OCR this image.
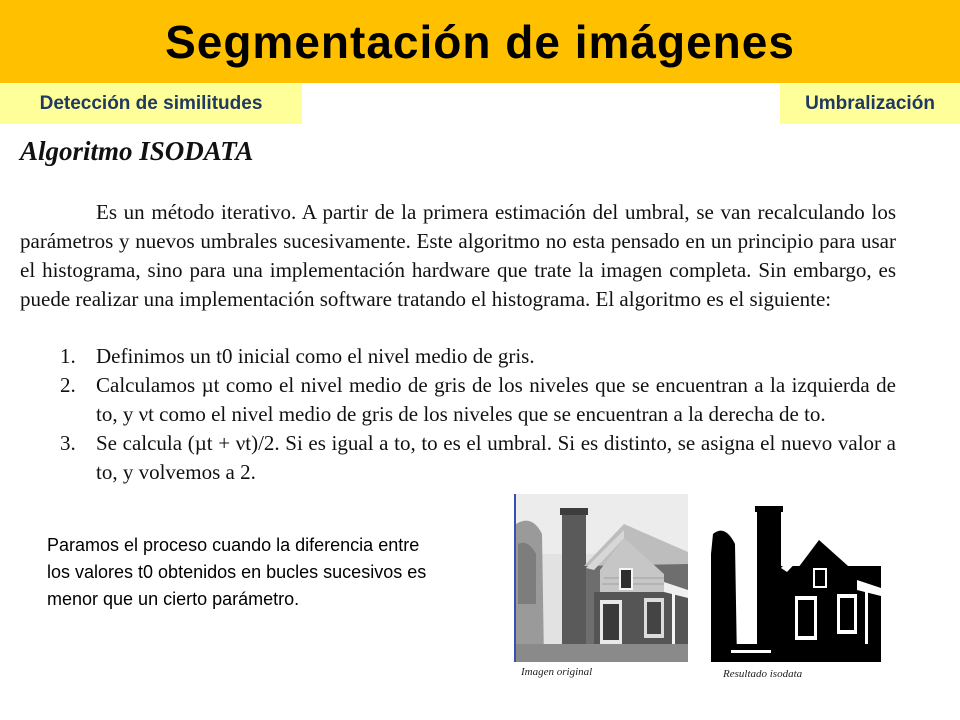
Segmentación de imágenes
Detección de similitudes	Umbralización
Algoritmo ISODATA
Es un método iterativo. A partir de la primera estimación del umbral, se van recalculando los parámetros y nuevos umbrales sucesivamente. Este algoritmo no esta pensado en un principio para usar el histograma, sino para una implementación hardware que trate la imagen completa. Sin embargo, es puede realizar una implementación software tratando el histograma. El algoritmo es el siguiente:
1. Definimos un t0 inicial como el nivel medio de gris.
2. Calculamos µt como el nivel medio de gris de los niveles que se encuentran a la izquierda de to, y νt como el nivel medio de gris de los niveles que se encuentran a la derecha de to.
3. Se calcula (µt + νt)/2. Si es igual a to, to es el umbral. Si es distinto, se asigna el nuevo valor a to, y volvemos a 2.
Paramos el proceso cuando la diferencia entre los valores t0 obtenidos en bucles sucesivos es menor que un cierto parámetro.
Imagen original	Resultado isodata
